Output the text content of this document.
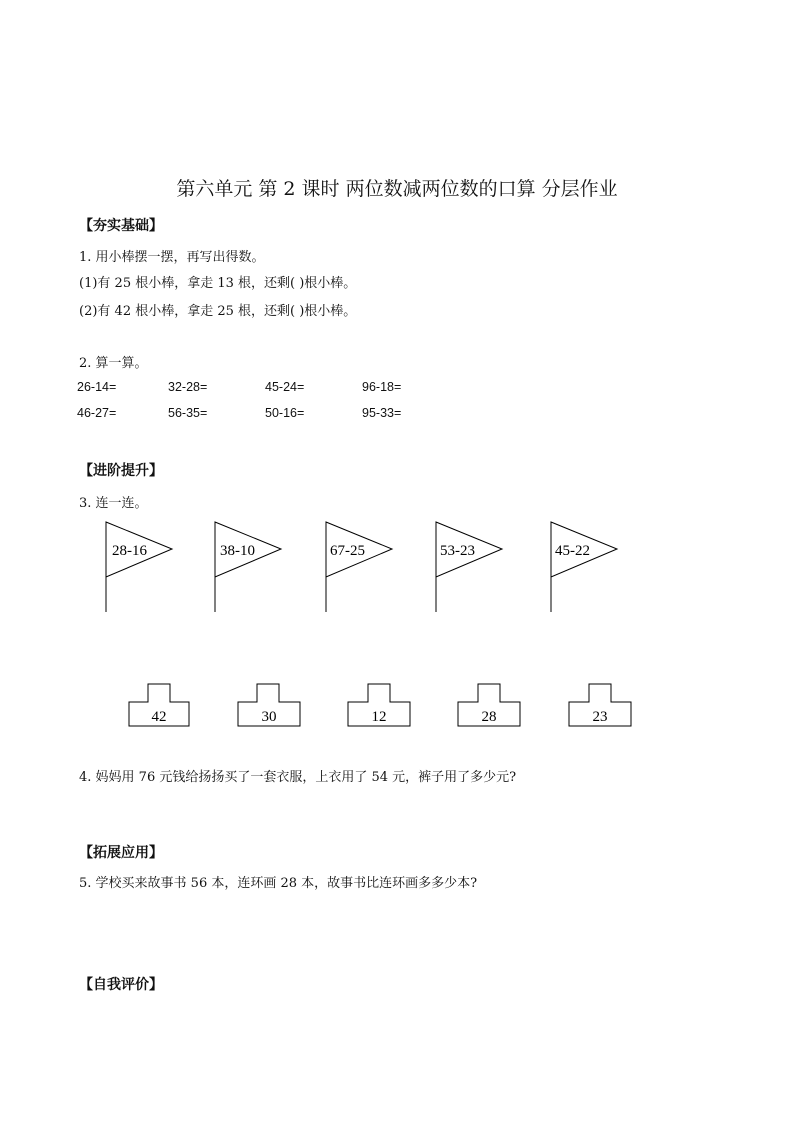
第六单元 第 2 课时 两位数减两位数的口算 分层作业
【夯实基础】
1. 用小棒摆一摆，再写出得数。
(1)有 25 根小棒，拿走 13 根，还剩( )根小棒。
(2)有 42 根小棒，拿走 25 根，还剩( )根小棒。
2. 算一算。
26-14=	32-28=	45-24=	96-18=
46-27=	56-35=	50-16=	95-33=
【进阶提升】
3. 连一连。
28-16	38-10	67-25	53-23	45-22
42	30	12	28	23
4. 妈妈用 76 元钱给扬扬买了一套衣服，上衣用了 54 元，裤子用了多少元?
【拓展应用】
5. 学校买来故事书 56 本，连环画 28 本，故事书比连环画多多少本?
【自我评价】
